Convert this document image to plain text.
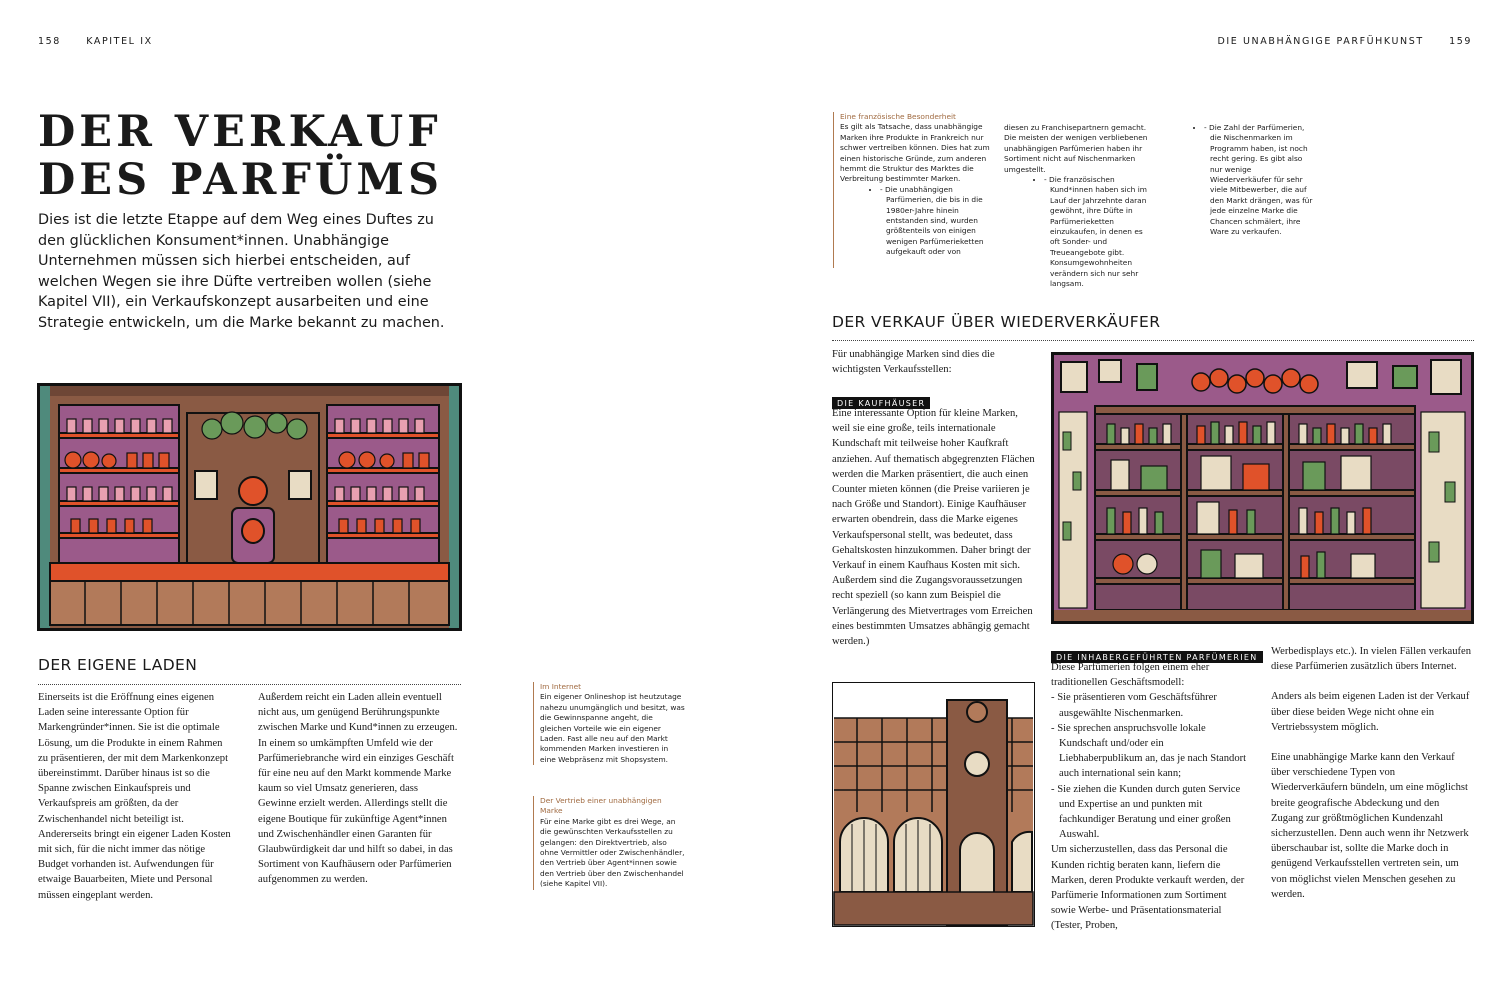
158	KAPITEL IX	DIE UNABHÄNGIGE PARFÜHKUNST	159
DER VERKAUF
DES PARFÜMS

Dies ist die letzte Etappe auf dem Weg eines Duftes zu den glücklichen Konsument*innen. Unabhängige Unternehmen müssen sich hierbei entscheiden, auf welchen Wegen sie ihre Düfte vertreiben wollen (siehe Kapitel VII), ein Verkaufskonzept ausarbeiten und eine Strategie entwickeln, um die Marke bekannt zu machen.

DER EIGENE LADEN

Einerseits ist die Eröffnung eines eigenen Laden seine interessante Option für Markengründer*innen. Sie ist die optimale Lösung, um die Produkte in einem Rahmen zu präsentieren, der mit dem Markenkonzept übereinstimmt. Darüber hinaus ist so die Spanne zwischen Einkaufspreis und Verkaufspreis am größten, da der Zwischenhandel nicht beteiligt ist. Andererseits bringt ein eigener Laden Kosten mit sich, für die nicht immer das nötige Budget vorhanden ist. Aufwendungen für etwaige Bauarbeiten, Miete und Personal müssen eingeplant werden.

Außerdem reicht ein Laden allein eventuell nicht aus, um genügend Berührungspunkte zwischen Marke und Kund*innen zu erzeugen. In einem so umkämpften Umfeld wie der Parfümeriebranche wird ein einziges Geschäft für eine neu auf den Markt kommende Marke kaum so viel Umsatz generieren, dass Gewinne erzielt werden. Allerdings stellt die eigene Boutique für zukünftige Agent*innen und Zwischenhändler einen Garanten für Glaubwürdigkeit dar und hilft so dabei, in das Sortiment von Kaufhäusern oder Parfümerien aufgenommen zu werden.

Im Internet

Ein eigener Onlineshop ist heutzutage nahezu unumgänglich und besitzt, was die Gewinnspanne angeht, die gleichen Vorteile wie ein eigener Laden. Fast alle neu auf den Markt kommenden Marken investieren in eine Webpräsenz mit Shopsystem.

Der Vertrieb einer unabhängigen Marke

Für eine Marke gibt es drei Wege, an die gewünschten Verkaufsstellen zu gelangen: den Direktvertrieb, also ohne Vermittler oder Zwischenhändler, den Vertrieb über Agent*innen sowie den Vertrieb über den Zwischenhandel (siehe Kapitel VII).

Eine französische Besonderheit

Es gilt als Tatsache, dass unabhängige Marken ihre Produkte in Frankreich nur schwer vertreiben können. Dies hat zum einen historische Gründe, zum anderen hemmt die Struktur des Marktes die Verbreitung bestimmter Marken.

- • Die unabhängigen Parfümerien, die bis in die 1980er-Jahre hinein entstanden sind, wurden größtenteils von einigen wenigen Parfümerieketten aufgekauft oder von

diesen zu Franchisepartnern gemacht. Die meisten der wenigen verbliebenen unabhängigen Parfümerien haben ihr Sortiment nicht auf Nischenmarken umgestellt.

- • Die französischen Kund*innen haben sich im Lauf der Jahrzehnte daran gewöhnt, ihre Düfte in Parfümerieketten einzukaufen, in denen es oft Sonder- und Treueangebote gibt. Konsumgewohnheiten verändern sich nur sehr langsam.
- • Die Zahl der Parfümerien, die Nischenmarken im Programm haben, ist noch recht gering. Es gibt also nur wenige Wiederverkäufer für sehr viele Mitbewerber, die auf den Markt drängen, was für jede einzelne Marke die Chancen schmälert, ihre Ware zu verkaufen.
DER VERKAUF ÜBER WIEDERVERKÄUFER

Für unabhängige Marken sind dies die wichtigsten Verkaufsstellen:

DIE KAUFHÄUSER

Eine interessante Option für kleine Marken, weil sie eine große, teils internationale Kundschaft mit teilweise hoher Kaufkraft anziehen. Auf thematisch abgegrenzten Flächen werden die Marken präsentiert, die auch einen Counter mieten können (die Preise variieren je nach Größe und Standort). Einige Kaufhäuser erwarten obendrein, dass die Marke eigenes Verkaufspersonal stellt, was bedeutet, dass Gehaltskosten hinzukommen. Daher bringt der Verkauf in einem Kaufhaus Kosten mit sich. Außerdem sind die Zugangsvoraussetzungen recht speziell (so kann zum Beispiel die Verlängerung des Mietvertrages vom Erreichen eines bestimmten Umsatzes abhängig gemacht werden.)

DIE INHABERGEFÜHRTEN PARFÜMERIEN

Diese Parfümerien folgen einem eher traditionellen Geschäftsmodell:

- Sie präsentieren vom Geschäftsführer ausgewählte Nischenmarken.
- Sie sprechen anspruchsvolle lokale Kundschaft und/oder ein Liebhaberpublikum an, das je nach Standort auch international sein kann;
- Sie ziehen die Kunden durch guten Service und Expertise an und punkten mit fachkundiger Beratung und einer großen Auswahl.

Um sicherzustellen, dass das Personal die Kunden richtig beraten kann, liefern die Marken, deren Produkte verkauft werden, der Parfümerie Informationen zum Sortiment sowie Werbe- und Präsentationsmaterial (Tester, Proben,

Werbedisplays etc.). In vielen Fällen verkaufen diese Parfümerien zusätzlich übers Internet.

Anders als beim eigenen Laden ist der Verkauf über diese beiden Wege nicht ohne ein Vertriebssystem möglich.

Eine unabhängige Marke kann den Verkauf über verschiedene Typen von Wiederverkäufern bündeln, um eine möglichst breite geografische Abdeckung und den Zugang zur größtmöglichen Kundenzahl sicherzustellen. Denn auch wenn ihr Netzwerk überschaubar ist, sollte die Marke doch in genügend Verkaufsstellen vertreten sein, um von möglichst vielen Menschen gesehen zu werden.
